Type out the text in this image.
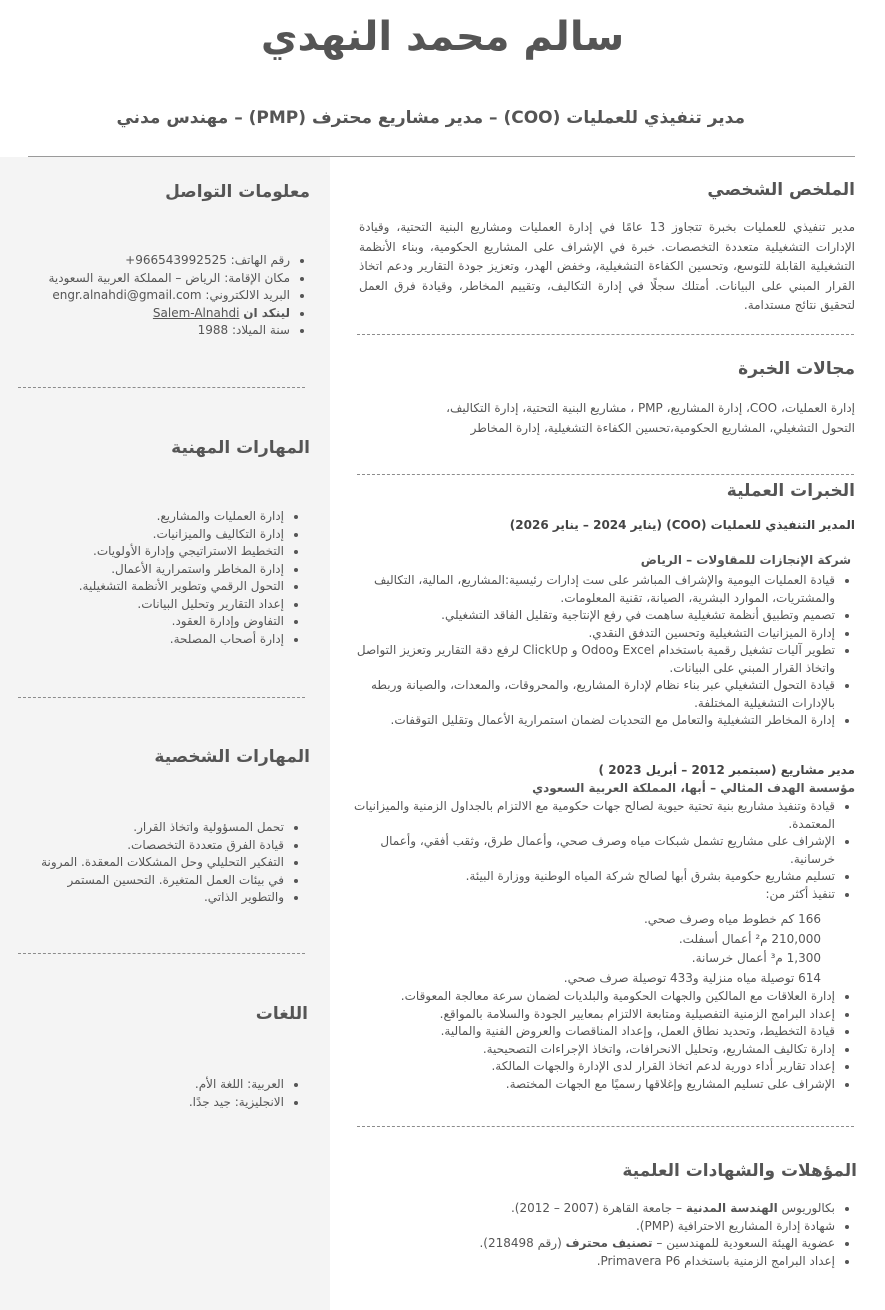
سالم محمد النهدي

مدير تنفيذي للعمليات (COO) – مدير مشاريع محترف (PMP) – مهندس مدني

معلومات التواصل
• رقم الهاتف: +966543992525
• مكان الإقامة: الرياض – المملكة العربية السعودية
• البريد الالكتروني: engr.alnahdi@gmail.com
• لينكد ان Salem-Alnahdi
• سنة الميلاد: 1988
المهارات المهنية
• إدارة العمليات والمشاريع.
• إدارة التكاليف والميزانيات.
• التخطيط الاستراتيجي وإدارة الأولويات.
• إدارة المخاطر واستمرارية الأعمال.
• التحول الرقمي وتطوير الأنظمة التشغيلية.
• إعداد التقارير وتحليل البيانات.
• التفاوض وإدارة العقود.
• إدارة أصحاب المصلحة.
المهارات الشخصية
• تحمل المسؤولية واتخاذ القرار.
• قيادة الفرق متعددة التخصصات.
• التفكير التحليلي وحل المشكلات المعقدة. المرونة
• في بيئات العمل المتغيرة. التحسين المستمر
• والتطوير الذاتي.
اللغات
• العربية: اللغة الأم.
• الانجليزية: جيد جدًا.
الملخص الشخصي

مدير تنفيذي للعمليات بخبرة تتجاوز 13 عامًا في إدارة العمليات ومشاريع البنية التحتية، وقيادة الإدارات التشغيلية متعددة التخصصات. خبرة في الإشراف على المشاريع الحكومية، وبناء الأنظمة التشغيلية القابلة للتوسع، وتحسين الكفاءة التشغيلية، وخفض الهدر، وتعزيز جودة التقارير ودعم اتخاذ القرار المبني على البيانات. أمتلك سجلًا في إدارة التكاليف، وتقييم المخاطر، وقيادة فرق العمل لتحقيق نتائج مستدامة.

مجالات الخبرة

إدارة العمليات، COO، إدارة المشاريع، PMP ، مشاريع البنية التحتية، إدارة التكاليف،
التحول التشغيلي، المشاريع الحكومية،تحسين الكفاءة التشغيلية، إدارة المخاطر

الخبرات العملية

المدير التنفيذي للعمليات (COO) (يناير 2024 – يناير 2026)

شركة الإنجازات للمقاولات – الرياض

• قيادة العمليات اليومية والإشراف المباشر على ست إدارات رئيسية:المشاريع، المالية، التكاليف والمشتريات، الموارد البشرية، الصيانة، تقنية المعلومات.
• تصميم وتطبيق أنظمة تشغيلية ساهمت في رفع الإنتاجية وتقليل الفاقد التشغيلي.
• إدارة الميزانيات التشغيلية وتحسين التدفق النقدي.
• تطوير آليات تشغيل رقمية باستخدام Excel وOdoo و ClickUp لرفع دقة التقارير وتعزيز التواصل واتخاذ القرار المبني على البيانات.
• قيادة التحول التشغيلي عبر بناء نظام لإدارة المشاريع، والمحروقات، والمعدات، والصيانة وربطه بالإدارات التشغيلية المختلفة.
• إدارة المخاطر التشغيلية والتعامل مع التحديات لضمان استمرارية الأعمال وتقليل التوقفات.

مدير مشاريع (سبتمبر 2012 – أبريل 2023 )

مؤسسة الهدف المثالي – أبها، المملكة العربية السعودي

• قيادة وتنفيذ مشاريع بنية تحتية حيوية لصالح جهات حكومية مع الالتزام بالجداول الزمنية والميزانيات المعتمدة.
• الإشراف على مشاريع تشمل شبكات مياه وصرف صحي، وأعمال طرق، وثقب أفقي، وأعمال خرسانية.
• تسليم مشاريع حكومية بشرق أبها لصالح شركة المياه الوطنية ووزارة البيئة.
• تنفيذ أكثر من:
166 كم خطوط مياه وصرف صحي.
210,000 م² أعمال أسفلت.
1,300 م³ أعمال خرسانة.
614 توصيلة مياه منزلية و433 توصيلة صرف صحي.
• إدارة العلاقات مع المالكين والجهات الحكومية والبلديات لضمان سرعة معالجة المعوقات.
• إعداد البرامج الزمنية التفصيلية ومتابعة الالتزام بمعايير الجودة والسلامة بالمواقع.
• قيادة التخطيط، وتحديد نطاق العمل، وإعداد المناقصات والعروض الفنية والمالية.
• إدارة تكاليف المشاريع، وتحليل الانحرافات، واتخاذ الإجراءات التصحيحية.
• إعداد تقارير أداء دورية لدعم اتخاذ القرار لدى الإدارة والجهات المالكة.
• الإشراف على تسليم المشاريع وإغلاقها رسميًا مع الجهات المختصة.
المؤهلات والشهادات العلمية
• بكالوريوس الهندسة المدنية – جامعة القاهرة (2007 – 2012).
• شهادة إدارة المشاريع الاحترافية (PMP).
• عضوية الهيئة السعودية للمهندسين – تصنيف محترف (رقم 218498).
• إعداد البرامج الزمنية باستخدام Primavera P6.
